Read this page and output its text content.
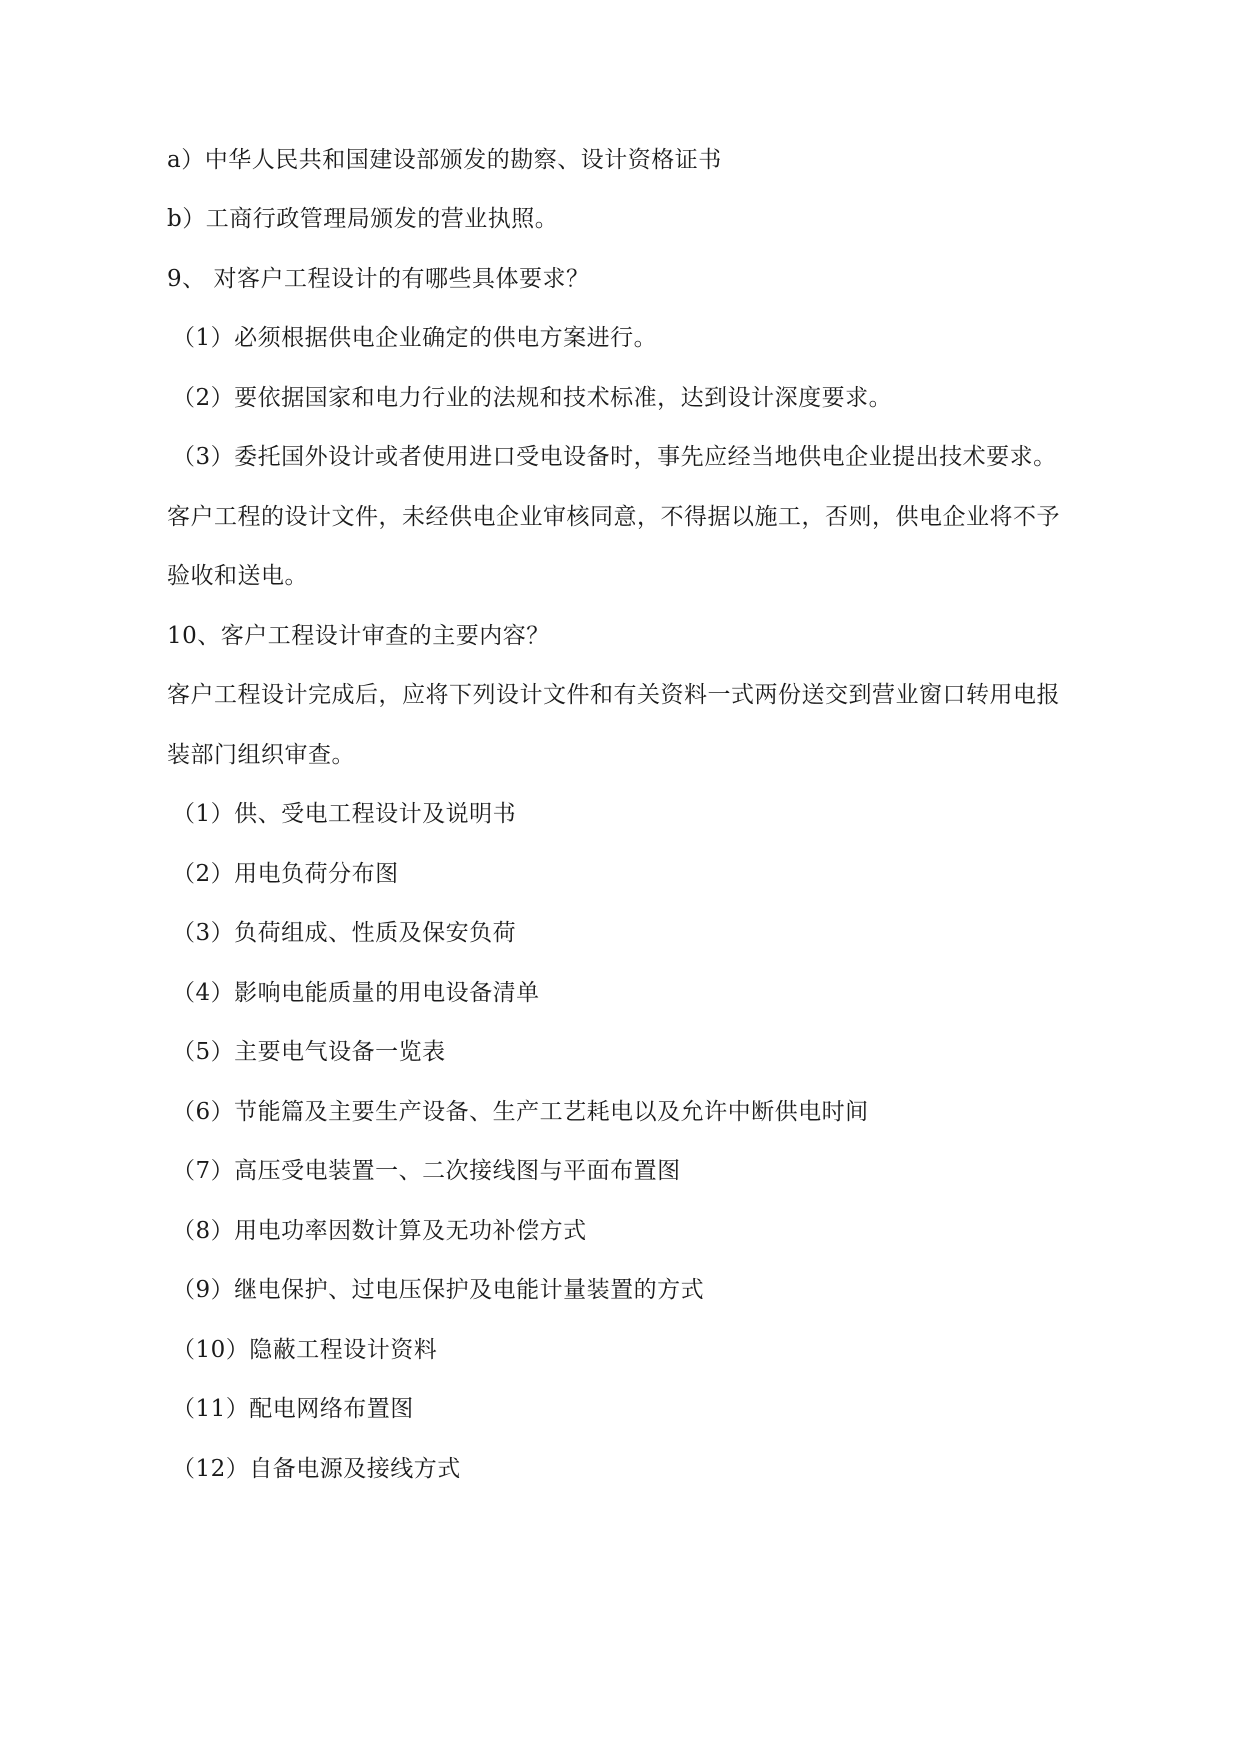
a）中华人民共和国建设部颁发的勘察、设计资格证书
b）工商行政管理局颁发的营业执照。
9、 对客户工程设计的有哪些具体要求？
（1）必须根据供电企业确定的供电方案进行。
（2）要依据国家和电力行业的法规和技术标准，达到设计深度要求。
（3）委托国外设计或者使用进口受电设备时，事先应经当地供电企业提出技术要求。
客户工程的设计文件，未经供电企业审核同意，不得据以施工，否则，供电企业将不予
验收和送电。
10、客户工程设计审查的主要内容？
客户工程设计完成后，应将下列设计文件和有关资料一式两份送交到营业窗口转用电报
装部门组织审查。
（1）供、受电工程设计及说明书
（2）用电负荷分布图
（3）负荷组成、性质及保安负荷
（4）影响电能质量的用电设备清单
（5）主要电气设备一览表
（6）节能篇及主要生产设备、生产工艺耗电以及允许中断供电时间
（7）高压受电装置一、二次接线图与平面布置图
（8）用电功率因数计算及无功补偿方式
（9）继电保护、过电压保护及电能计量装置的方式
（10）隐蔽工程设计资料
（11）配电网络布置图
（12）自备电源及接线方式
